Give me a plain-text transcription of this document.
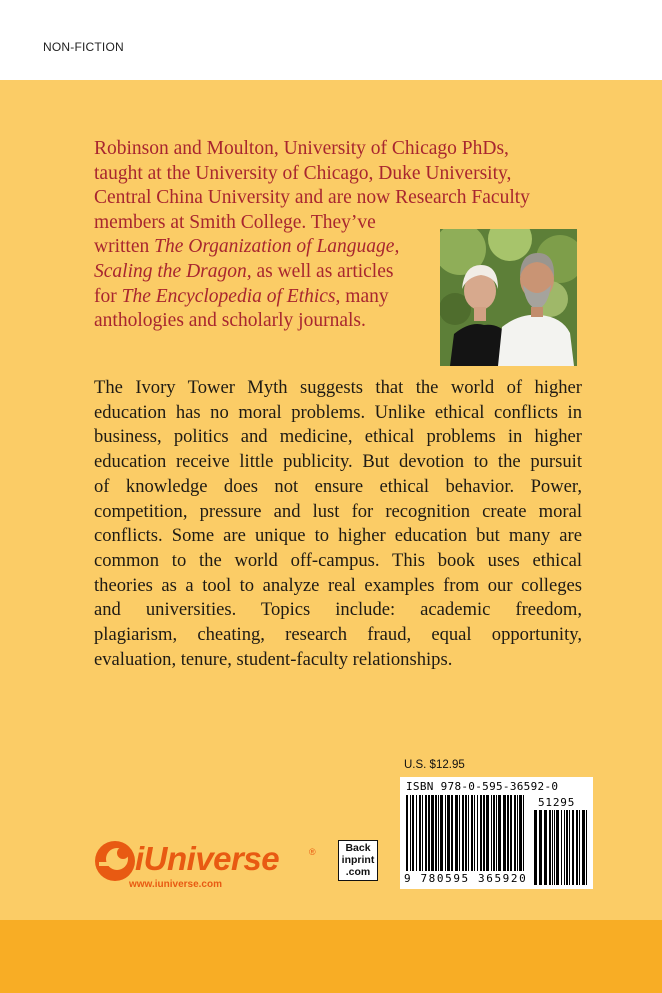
NON-FICTION
Robinson and Moulton, University of Chicago PhDs,
taught at the University of Chicago, Duke University,
Central China University and are now Research Faculty
members at Smith College. They’ve
written The Organization of Language,
Scaling the Dragon, as well as articles
for The Encyclopedia of Ethics, many
anthologies and scholarly journals.
The Ivory Tower Myth suggests that the world of higher
education has no moral problems. Unlike ethical conflicts in
business, politics and medicine, ethical problems in higher
education receive little publicity. But devotion to the pursuit
of knowledge does not ensure ethical behavior. Power,
competition, pressure and lust for recognition create moral
conflicts. Some are unique to higher education but many are
common to the world off-campus. This book uses ethical
theories as a tool to analyze real examples from our colleges
and universities. Topics include: academic freedom,
plagiarism, cheating, research fraud, equal opportunity,
evaluation, tenure, student-faculty relationships.
U.S. $12.95
ISBN 978-0-595-36592-0
51295
9 780595 365920
iUniverse	®
www.iuniverse.com
Back
inprint
.com
